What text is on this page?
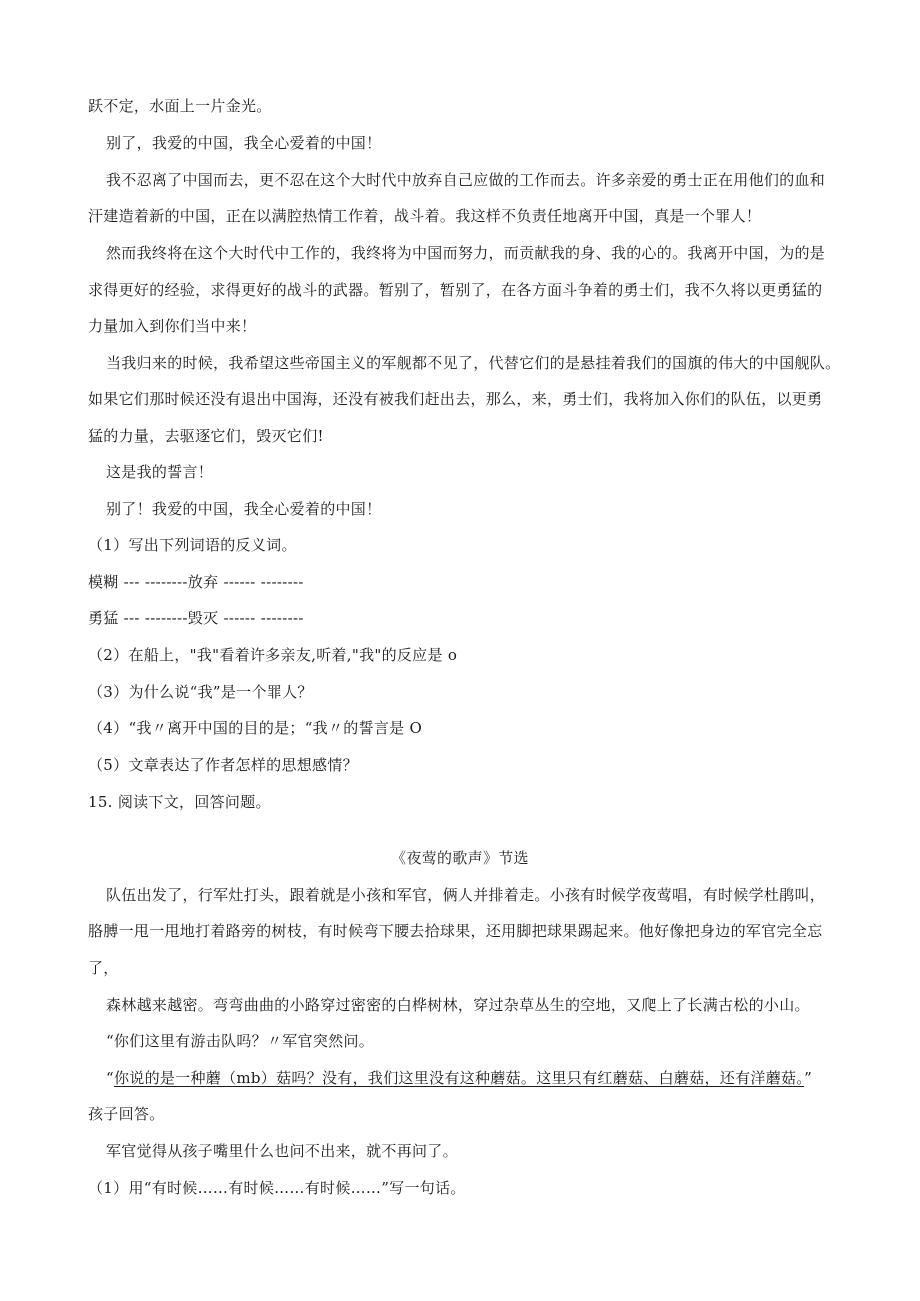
跃不定，水面上一片金光。
别了，我爱的中国，我全心爱着的中国！
我不忍离了中国而去，更不忍在这个大时代中放弃自己应做的工作而去。许多亲爱的勇士正在用他们的血和
汗建造着新的中国，正在以满腔热情工作着，战斗着。我这样不负责任地离开中国，真是一个罪人！
然而我终将在这个大时代中工作的，我终将为中国而努力，而贡献我的身、我的心的。我离开中国，为的是
求得更好的经验，求得更好的战斗的武器。暂别了，暂别了，在各方面斗争着的勇士们，我不久将以更勇猛的
力量加入到你们当中来！
当我归来的时候，我希望这些帝国主义的军舰都不见了，代替它们的是悬挂着我们的国旗的伟大的中国舰队。
如果它们那时候还没有退出中国海，还没有被我们赶出去，那么，来，勇士们，我将加入你们的队伍，以更勇
猛的力量，去驱逐它们，毁灭它们!
这是我的誓言！
别了！我爱的中国，我全心爱着的中国！
（1）写出下列词语的反义词。
模糊 --- --------放弃 ------ --------
勇猛 --- --------毁灭 ------ --------
（2）在船上，"我"看着许多亲友,听着,"我"的反应是 o
（3）为什么说“我”是一个罪人？
（4）“我〃离开中国的目的是；“我〃的誓言是 O
（5）文章表达了作者怎样的思想感情？
15. 阅读下文，回答问题。
《夜莺的歌声》节选
队伍出发了，行军灶打头，跟着就是小孩和军官，俩人并排着走。小孩有时候学夜莺唱，有时候学杜鹃叫，
胳膊一甩一甩地打着路旁的树枝，有时候弯下腰去拾球果，还用脚把球果踢起来。他好像把身边的军官完全忘
了，
森林越来越密。弯弯曲曲的小路穿过密密的白桦树林，穿过杂草丛生的空地，又爬上了长满古松的小山。
“你们这里有游击队吗？〃军官突然问。
“你说的是一种蘑（mb）菇吗？没有，我们这里没有这种蘑菇。这里只有红蘑菇、白蘑菇，还有洋蘑菇。”
孩子回答。
军官觉得从孩子嘴里什么也问不出来，就不再问了。
（1）用“有时候……有时候……有时候……”写一句话。
